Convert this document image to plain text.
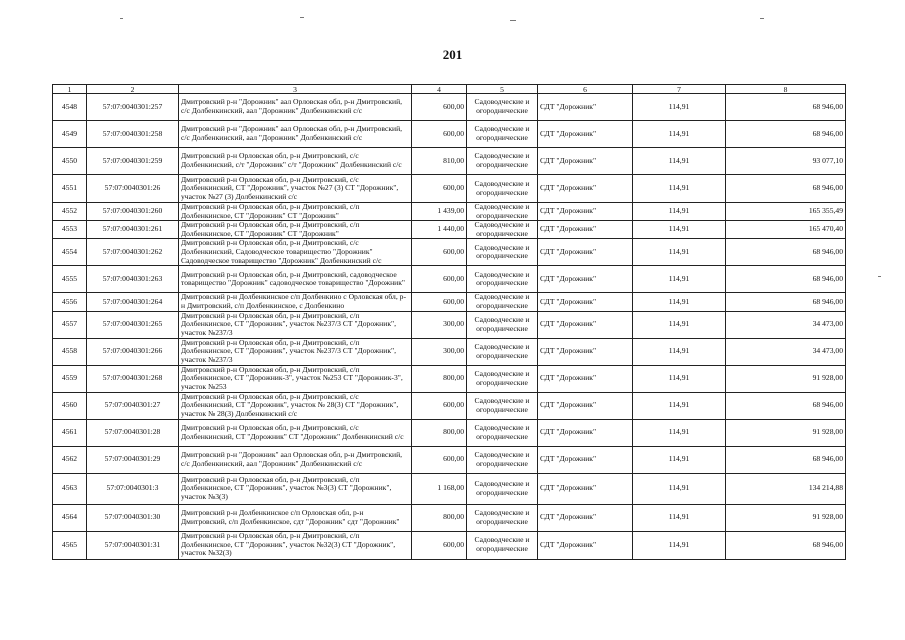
201
1	2	3	4	5	6	7	8
4548	57:07:0040301:257	Дмитровский р-н "Дорожник" аал Орловская обл, р-н Дмитровский, с/с Долбенкинский, аал "Дорожник" Долбенкинский с/с	600,00	Садоводческие и огороднические	СДТ "Дорожник"	114,91	68 946,00
4549	57:07:0040301:258	Дмитровский р-н "Дорожник" аал Орловская обл, р-н Дмитровский, с/с Долбенкинский, аал "Дорожник" Долбенкинский с/с	600,00	Садоводческие и огороднические	СДТ "Дорожник"	114,91	68 946,00
4550	57:07:0040301:259	Дмитровский р-н Орловская обл, р-н Дмитровский, с/с Долбенкинский, с/т "Дорожник" с/т "Дорожник" Долбенкинский с/с	810,00	Садоводческие и огороднические	СДТ "Дорожник"	114,91	93 077,10
4551	57:07:0040301:26	Дмитровский р-н Орловская обл, р-н Дмитровский, с/с Долбенкинский, СТ "Дорожник", участок №27 (3) СТ "Дорожник", участок №27 (3) Долбенкинский с/с	600,00	Садоводческие и огороднические	СДТ "Дорожник"	114,91	68 946,00
4552	57:07:0040301:260	Дмитровский р-н Орловская обл, р-н Дмитровский, с/п Долбенкинское, СТ "Дорожник" СТ "Дорожник"	1 439,00	Садоводческие и огороднические	СДТ "Дорожник"	114,91	165 355,49
4553	57:07:0040301:261	Дмитровский р-н Орловская обл, р-н Дмитровский, с/п Долбенкинское, СТ "Дорожник" СТ "Дорожник"	1 440,00	Садоводческие и огороднические	СДТ "Дорожник"	114,91	165 470,40
4554	57:07:0040301:262	Дмитровский р-н Орловская обл, р-н Дмитровский, с/с Долбенкинский, Садоводческое товарищество "Дорожник" Садоводческое товарищество "Дорожник" Долбенкинский с/с	600,00	Садоводческие и огороднические	СДТ "Дорожник"	114,91	68 946,00
4555	57:07:0040301:263	Дмитровский р-н Орловская обл, р-н Дмитровский, садоводческое товарищество "Дорожник" садоводческое товарищество "Дорожник"	600,00	Садоводческие и огороднические	СДТ "Дорожник"	114,91	68 946,00
4556	57:07:0040301:264	Дмитровский р-н Долбенкинское с/п Долбенкино с Орловская обл, р-н Дмитровский, с/п Долбенкинское, с Долбенкино	600,00	Садоводческие и огороднические	СДТ "Дорожник"	114,91	68 946,00
4557	57:07:0040301:265	Дмитровский р-н Орловская обл, р-н Дмитровский, с/п Долбенкинское, СТ "Дорожник", участок №237/3 СТ "Дорожник", участок №237/3	300,00	Садоводческие и огороднические	СДТ "Дорожник"	114,91	34 473,00
4558	57:07:0040301:266	Дмитровский р-н Орловская обл, р-н Дмитровский, с/п Долбенкинское, СТ "Дорожник", участок №237/3 СТ "Дорожник", участок №237/3	300,00	Садоводческие и огороднические	СДТ "Дорожник"	114,91	34 473,00
4559	57:07:0040301:268	Дмитровский р-н Орловская обл, р-н Дмитровский, с/п Долбенкинское, СТ "Дорожник-3", участок №253 СТ "Дорожник-3", участок №253	800,00	Садоводческие и огороднические	СДТ "Дорожник"	114,91	91 928,00
4560	57:07:0040301:27	Дмитровский р-н Орловская обл, р-н Дмитровский, с/с Долбенкинский, СТ "Дорожник", участок № 28(3) СТ "Дорожник", участок № 28(3) Долбенкинский с/с	600,00	Садоводческие и огороднические	СДТ "Дорожник"	114,91	68 946,00
4561	57:07:0040301:28	Дмитровский р-н Орловская обл, р-н Дмитровский, с/с Долбенкинский, СТ "Дорожник" СТ "Дорожник" Долбенкинский с/с	800,00	Садоводческие и огороднические	СДТ "Дорожник"	114,91	91 928,00
4562	57:07:0040301:29	Дмитровский р-н "Дорожник" аал Орловская обл, р-н Дмитровский, с/с Долбенкинский, аал "Дорожник" Долбенкинский с/с	600,00	Садоводческие и огороднические	СДТ "Дорожник"	114,91	68 946,00
4563	57:07:0040301:3	Дмитровский р-н Орловская обл, р-н Дмитровский, с/п Долбенкинское, СТ "Дорожник", участок №3(3) СТ "Дорожник", участок №3(3)	1 168,00	Садоводческие и огороднические	СДТ "Дорожник"	114,91	134 214,88
4564	57:07:0040301:30	Дмитровский р-н Долбенкинское с/п Орловская обл, р-н Дмитровский, с/п Долбенкинское, сдт "Дорожник" сдт "Дорожник"	800,00	Садоводческие и огороднические	СДТ "Дорожник"	114,91	91 928,00
4565	57:07:0040301:31	Дмитровский р-н Орловская обл, р-н Дмитровский, с/п Долбенкинское, СТ "Дорожник", участок №32(3) СТ "Дорожник", участок №32(3)	600,00	Садоводческие и огороднические	СДТ "Дорожник"	114,91	68 946,00
